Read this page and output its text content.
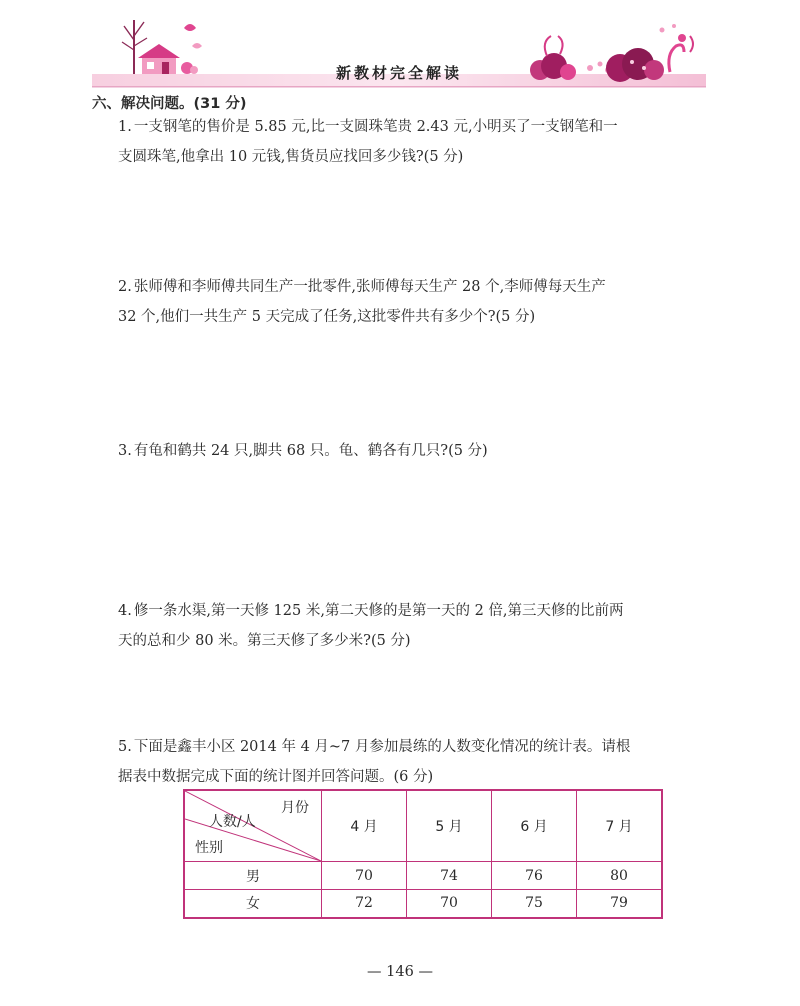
新教材完全解读
六、解决问题。(31 分)
1. 一支钢笔的售价是 5.85 元,比一支圆珠笔贵 2.43 元,小明买了一支钢笔和一
支圆珠笔,他拿出 10 元钱,售货员应找回多少钱?(5 分)
2. 张师傅和李师傅共同生产一批零件,张师傅每天生产 28 个,李师傅每天生产
32 个,他们一共生产 5 天完成了任务,这批零件共有多少个?(5 分)
3. 有龟和鹤共 24 只,脚共 68 只。龟、鹤各有几只?(5 分)
4. 修一条水渠,第一天修 125 米,第二天修的是第一天的 2 倍,第三天修的比前两
天的总和少 80 米。第三天修了多少米?(5 分)
5. 下面是鑫丰小区 2014 年 4 月~7 月参加晨练的人数变化情况的统计表。请根
据表中数据完成下面的统计图并回答问题。(6 分)
月份
人数/人
性别	4 月	5 月	6 月	7 月
男	70	74	76	80
女	72	70	75	79
— 146 —
